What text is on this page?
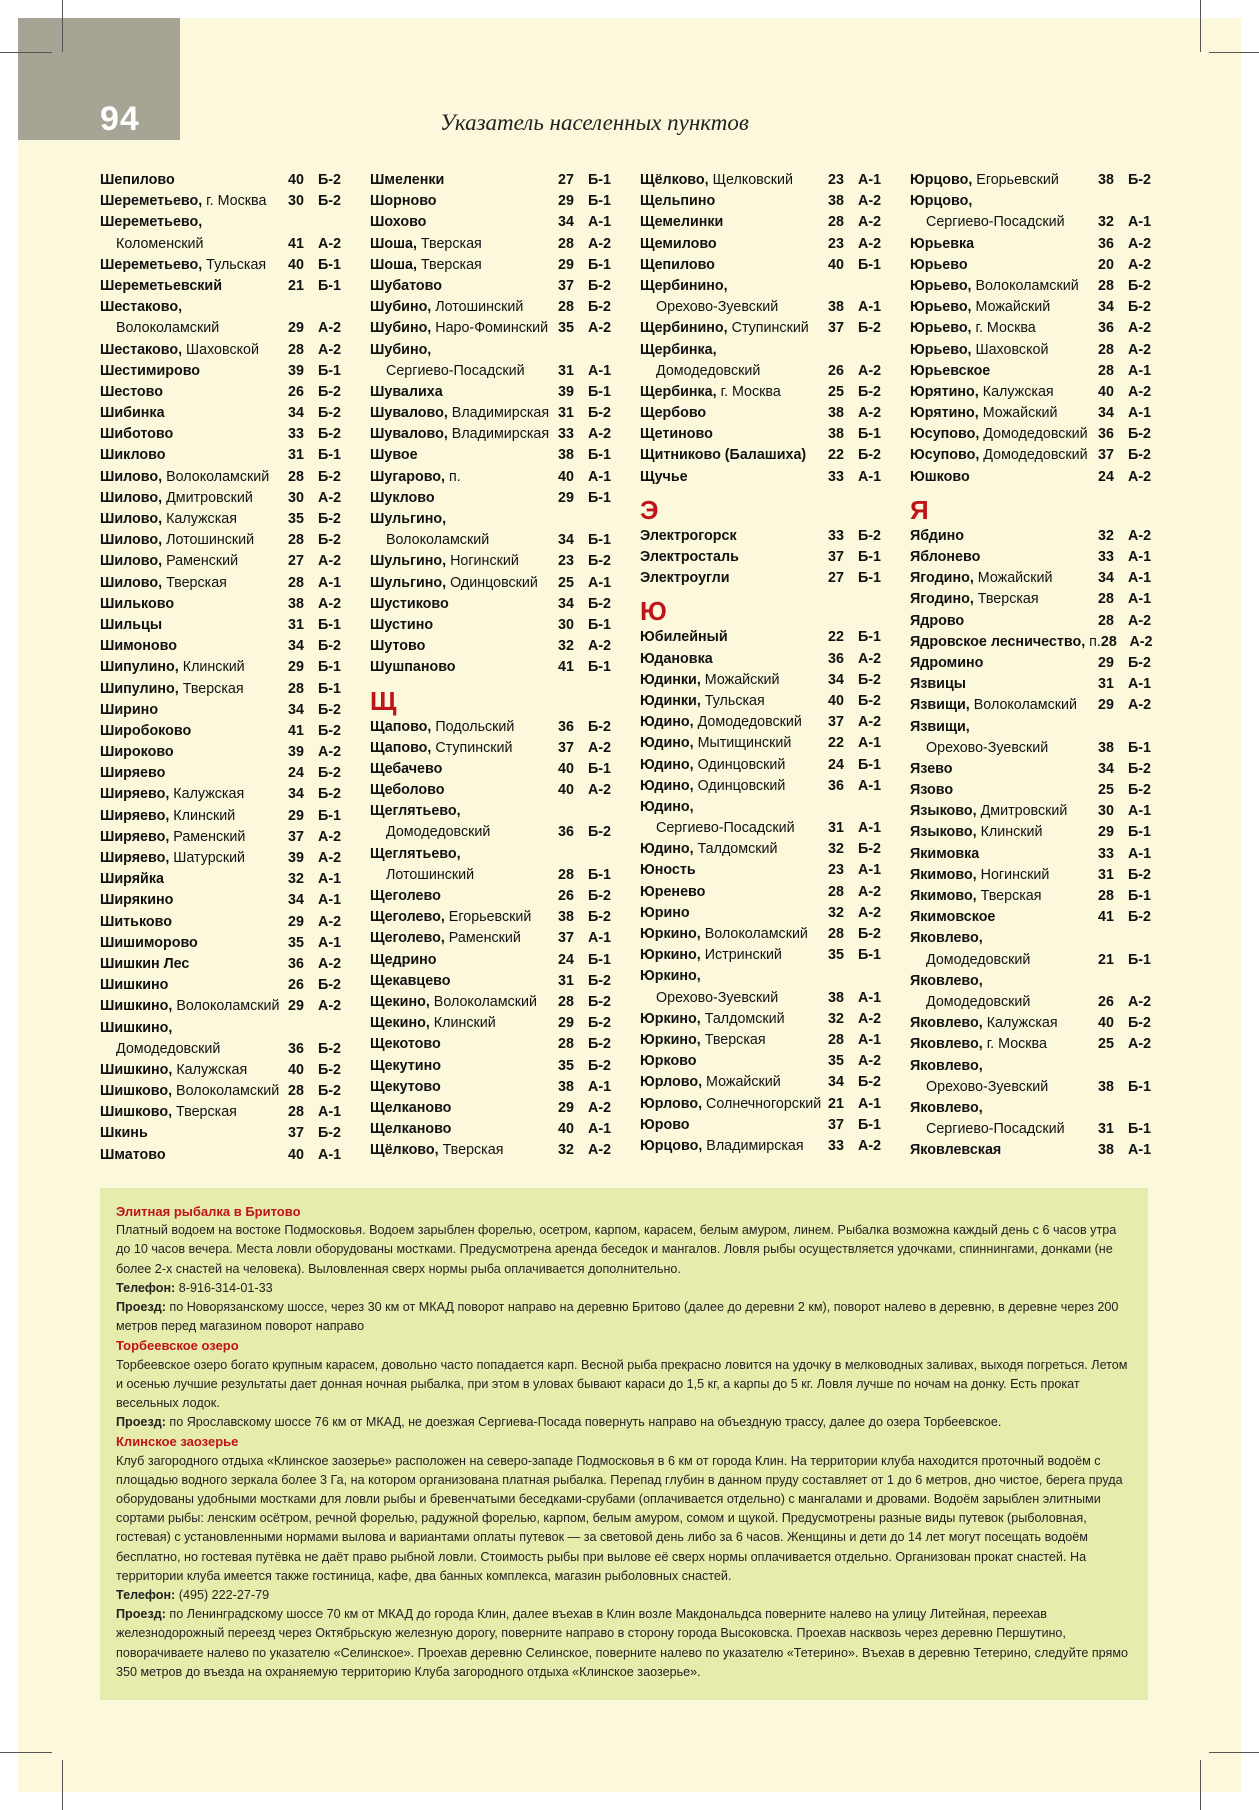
94	Указатель населенных пунктов
Шепилово	40 Б-2
Шереметьево, г. Москва	30 Б-2
Шереметьево,
Коломенский	41 А-2
Шереметьево, Тульская	40 Б-1
Шереметьевский	21 Б-1
Шестаково,
Волоколамский	29 А-2
Шестаково, Шаховской	28 А-2
Шестимирово	39 Б-1
Шестово	26 Б-2
Шибинка	34 Б-2
Шиботово	33 Б-2
Шиклово	31 Б-1
Шилово, Волоколамский	28 Б-2
Шилово, Дмитровский	30 А-2
Шилово, Калужская	35 Б-2
Шилово, Лотошинский	28 Б-2
Шилово, Раменский	27 А-2
Шилово, Тверская	28 А-1
Шильково	38 А-2
Шильцы	31 Б-1
Шимоново	34 Б-2
Шипулино, Клинский	29 Б-1
Шипулино, Тверская	28 Б-1
Ширино	34 Б-2
Широбоково	41 Б-2
Широково	39 А-2
Ширяево	24 Б-2
Ширяево, Калужская	34 Б-2
Ширяево, Клинский	29 Б-1
Ширяево, Раменский	37 А-2
Ширяево, Шатурский	39 А-2
Ширяйка	32 А-1
Ширякино	34 А-1
Шитьково	29 А-2
Шишиморово	35 А-1
Шишкин Лес	36 А-2
Шишкино	26 Б-2
Шишкино, Волоколамский 29 А-2
Шишкино,
Домодедовский	36 Б-2
Шишкино, Калужская	40 Б-2
Шишково, Волоколамский 28 Б-2
Шишково, Тверская	28 А-1
Шкинь	37 Б-2
Шматово	40 А-1
Шмеленки	27 Б-1
Шорново	29 Б-1
Шохово	34 А-1
Шоша, Тверская	28 А-2
Шоша, Тверская	29 Б-1
Шубатово	37 Б-2
Шубино, Лотошинский	28 Б-2
Шубино, Наро-Фоминский 35 А-2
Шубино,
Сергиево-Посадский	31 А-1
Шувалиха	39 Б-1
Шувалово, Владимирская 31 Б-2
Шувалово, Владимирская 33 А-2
Шувое	38 Б-1
Шугарово, п.	40 А-1
Шуклово	29 Б-1
Шульгино,
Волоколамский	34 Б-1
Шульгино, Ногинский	23 Б-2
Шульгино, Одинцовский	25 А-1
Шустиково	34 Б-2
Шустино	30 Б-1
Шутово	32 А-2
Шушпаново	41 Б-1
Щ
Щапово, Подольский	36 Б-2
Щапово, Ступинский	37 А-2
Щебачево	40 Б-1
Щеболово	40 А-2
Щеглятьево,
Домодедовский	36 Б-2
Щеглятьево,
Лотошинский	28 Б-1
Щеголево	26 Б-2
Щеголево, Егорьевский	38 Б-2
Щеголево, Раменский	37 А-1
Щедрино	24 Б-1
Щекавцево	31 Б-2
Щекино, Волоколамский	28 Б-2
Щекино, Клинский	29 Б-2
Щекотово	28 Б-2
Щекутино	35 Б-2
Щекутово	38 А-1
Щелканово	29 А-2
Щелканово	40 А-1
Щёлково, Тверская	32 А-2
Щёлково, Щелковский	23 А-1
Щельпино	38 А-2
Щемелинки	28 А-2
Щемилово	23 А-2
Щепилово	40 Б-1
Щербинино,
Орехово-Зуевский	38 А-1
Щербинино, Ступинский	37 Б-2
Щербинка,
Домодедовский	26 А-2
Щербинка, г. Москва	25 Б-2
Щербово	38 А-2
Щетиново	38 Б-1
Щитниково (Балашиха)	22 Б-2
Щучье	33 А-1
Э
Электрогорск	33 Б-2
Электросталь	37 Б-1
Электроугли	27 Б-1
Ю
Юбилейный	22 Б-1
Юдановка	36 А-2
Юдинки, Можайский	34 Б-2
Юдинки, Тульская	40 Б-2
Юдино, Домодедовский	37 А-2
Юдино, Мытищинский	22 А-1
Юдино, Одинцовский	24 Б-1
Юдино, Одинцовский	36 А-1
Юдино,
Сергиево-Посадский	31 А-1
Юдино, Талдомский	32 Б-2
Юность	23 А-1
Юренево	28 А-2
Юрино	32 А-2
Юркино, Волоколамский	28 Б-2
Юркино, Истринский	35 Б-1
Юркино,
Орехово-Зуевский	38 А-1
Юркино, Талдомский	32 А-2
Юркино, Тверская	28 А-1
Юрково	35 А-2
Юрлово, Можайский	34 Б-2
Юрлово, Солнечногорский 21 А-1
Юрово	37 Б-1
Юрцово, Владимирская	33 А-2
Юрцово, Егорьевский	38 Б-2
Юрцово,
Сергиево-Посадский	32 А-1
Юрьевка	36 А-2
Юрьево	20 А-2
Юрьево, Волоколамский	28 Б-2
Юрьево, Можайский	34 Б-2
Юрьево, г. Москва	36 А-2
Юрьево, Шаховской	28 А-2
Юрьевское	28 А-1
Юрятино, Калужская	40 А-2
Юрятино, Можайский	34 А-1
Юсупово, Домодедовский 36 Б-2
Юсупово, Домодедовский 37 Б-2
Юшково	24 А-2
Я
Ябдино	32 А-2
Яблонево	33 А-1
Ягодино, Можайский	34 А-1
Ягодино, Тверская	28 А-1
Ядрово	28 А-2
Ядровское лесничество, п. 28 А-2
Ядромино	29 Б-2
Язвицы	31 А-1
Язвищи, Волоколамский	29 А-2
Язвищи,
Орехово-Зуевский	38 Б-1
Язево	34 Б-2
Язово	25 Б-2
Языково, Дмитровский	30 А-1
Языково, Клинский	29 Б-1
Якимовка	33 А-1
Якимово, Ногинский	31 Б-2
Якимово, Тверская	28 Б-1
Якимовское	41 Б-2
Яковлево,
Домодедовский	21 Б-1
Яковлево,
Домодедовский	26 А-2
Яковлево, Калужская	40 Б-2
Яковлево, г. Москва	25 А-2
Яковлево,
Орехово-Зуевский	38 Б-1
Яковлево,
Сергиево-Посадский	31 Б-1
Яковлевская	38 А-1

Элитная рыбалка в Бритово

Платный водоем на востоке Подмосковья. Водоем зарыблен форелью, осетром, карпом, карасем, белым амуром, линем. Рыбалка возможна каждый день с 6 часов утра до 10 часов вечера. Места ловли оборудованы мостками. Предусмотрена аренда беседок и мангалов. Ловля рыбы осуществляется удочками, спиннингами, донками (не более 2-х снастей на человека). Выловленная сверх нормы рыба оплачивается дополнительно.

Телефон: 8-916-314-01-33

Проезд: по Новорязанскому шоссе, через 30 км от МКАД поворот направо на деревню Бритово (далее до деревни 2 км), поворот налево в деревню, в деревне через 200 метров перед магазином поворот направо

Торбеевское озеро

Торбеевское озеро богато крупным карасем, довольно часто попадается карп. Весной рыба прекрасно ловится на удочку в мелководных заливах, выходя погреться. Летом и осенью лучшие результаты дает донная ночная рыбалка, при этом в уловах бывают караси до 1,5 кг, а карпы до 5 кг. Ловля лучше по ночам на донку. Есть прокат весельных лодок.

Проезд: по Ярославскому шоссе 76 км от МКАД, не доезжая Сергиева-Посада повернуть направо на объездную трассу, далее до озера Торбеевское.

Клинское заозерье

Клуб загородного отдыха «Клинское заозерье» расположен на северо-западе Подмосковья в 6 км от города Клин. На территории клуба находится проточный водоём с площадью водного зеркала более 3 Га, на котором организована платная рыбалка. Перепад глубин в данном пруду составляет от 1 до 6 метров, дно чистое, берега пруда оборудованы удобными мостками для ловли рыбы и бревенчатыми беседками-срубами (оплачивается отдельно) с мангалами и дровами. Водоём зарыблен элитными сортами рыбы: ленским осётром, речной форелью, радужной форелью, карпом, белым амуром, сомом и щукой. Предусмотрены разные виды путевок (рыболовная, гостевая) с установленными нормами вылова и вариантами оплаты путевок — за световой день либо за 6 часов. Женщины и дети до 14 лет могут посещать водоём бесплатно, но гостевая путёвка не даёт право рыбной ловли. Стоимость рыбы при вылове её сверх нормы оплачивается отдельно. Организован прокат снастей. На территории клуба имеется также гостиница, кафе, два банных комплекса, магазин рыболовных снастей.

Телефон: (495) 222-27-79

Проезд: по Ленинградскому шоссе 70 км от МКАД до города Клин, далее въехав в Клин возле Макдональдса поверните налево на улицу Литейная, переехав железнодорожный переезд через Октябрьскую железную дорогу, поверните направо в сторону города Высоковска. Проехав насквозь через деревню Першутино, поворачиваете налево по указателю «Селинское». Проехав деревню Селинское, поверните налево по указателю «Тетерино». Въехав в деревню Тетерино, следуйте прямо 350 метров до въезда на охраняемую территорию Клуба загородного отдыха «Клинское заозерье».
